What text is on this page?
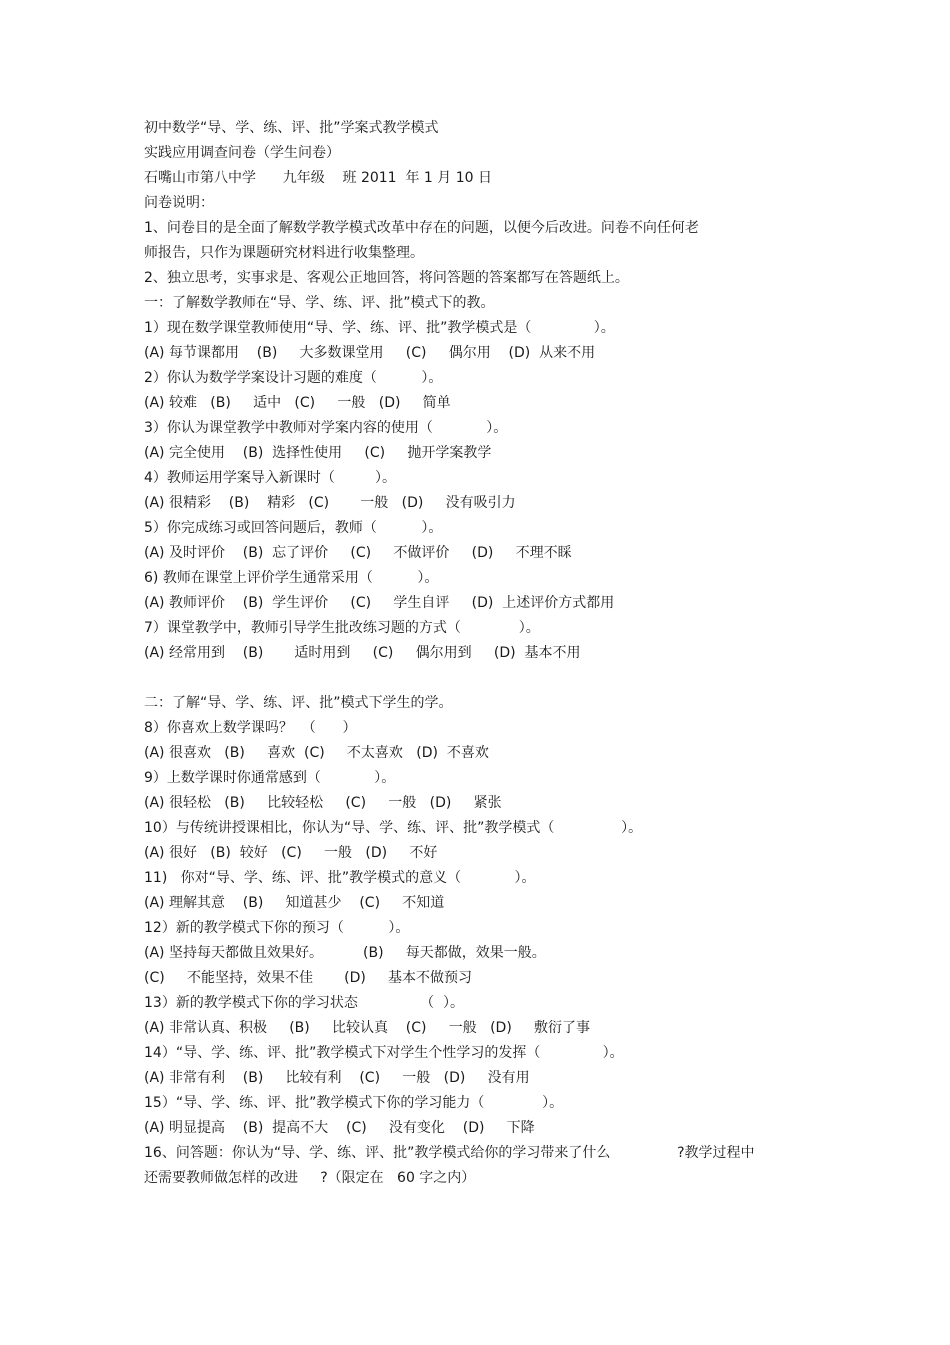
初中数学“导、学、练、评、批”学案式教学模式
实践应用调查问卷（学生问卷）
石嘴山市第八中学      九年级    班 2011  年 1 月 10 日
问卷说明：
1、问卷目的是全面了解数学教学模式改革中存在的问题，以便今后改进。问卷不向任何老
师报告，只作为课题研究材料进行收集整理。
2、独立思考，实事求是、客观公正地回答，将问答题的答案都写在答题纸上。
一：了解数学教师在“导、学、练、评、批”模式下的教。
1）现在数学课堂教师使用“导、学、练、评、批”教学模式是（              ）。
(A) 每节课都用    (B)     大多数课堂用     (C)     偶尔用    (D)  从来不用
2）你认为数学学案设计习题的难度（          ）。
(A) 较难   (B)     适中   (C)     一般   (D)     简单
3）你认为课堂教学中教师对学案内容的使用（            ）。
(A) 完全使用    (B)  选择性使用     (C)     抛开学案教学
4）教师运用学案导入新课时（         ）。
(A) 很精彩    (B)    精彩   (C)       一般   (D)     没有吸引力
5）你完成练习或回答问题后，教师（          ）。
(A) 及时评价    (B)  忘了评价     (C)     不做评价     (D)     不理不睬
6) 教师在课堂上评价学生通常采用（          ）。
(A) 教师评价    (B)  学生评价     (C)     学生自评     (D)  上述评价方式都用
7）课堂教学中，教师引导学生批改练习题的方式（             ）。
(A) 经常用到    (B)       适时用到     (C)     偶尔用到     (D)  基本不用
二：了解“导、学、练、评、批”模式下学生的学。
8）你喜欢上数学课吗？  （      ）
(A) 很喜欢   (B)     喜欢  (C)     不太喜欢   (D)  不喜欢
9）上数学课时你通常感到（            ）。
(A) 很轻松   (B)     比较轻松     (C)     一般   (D)     紧张
10）与传统讲授课相比，你认为“导、学、练、评、批”教学模式（               ）。
(A) 很好   (B)  较好   (C)     一般   (D)     不好
11)   你对“导、学、练、评、批”教学模式的意义（            ）。
(A) 理解其意    (B)     知道甚少    (C)     不知道
12）新的教学模式下你的预习（          ）。
(A) 坚持每天都做且效果好。         (B)     每天都做，效果一般。
(C)     不能坚持，效果不佳       (D)     基本不做预习
13）新的教学模式下你的学习状态              （  ）。
(A) 非常认真、积极     (B)     比较认真    (C)     一般   (D)     敷衍了事
14）“导、学、练、评、批”教学模式下对学生个性学习的发挥（              ）。
(A) 非常有利    (B)     比较有利    (C)     一般   (D)     没有用
15）“导、学、练、评、批”教学模式下你的学习能力（             ）。
(A) 明显提高    (B)  提高不大    (C)     没有变化    (D)     下降
16、问答题：你认为“导、学、练、评、批”教学模式给你的学习带来了什么               ?教学过程中
还需要教师做怎样的改进     ?（限定在   60 字之内）
